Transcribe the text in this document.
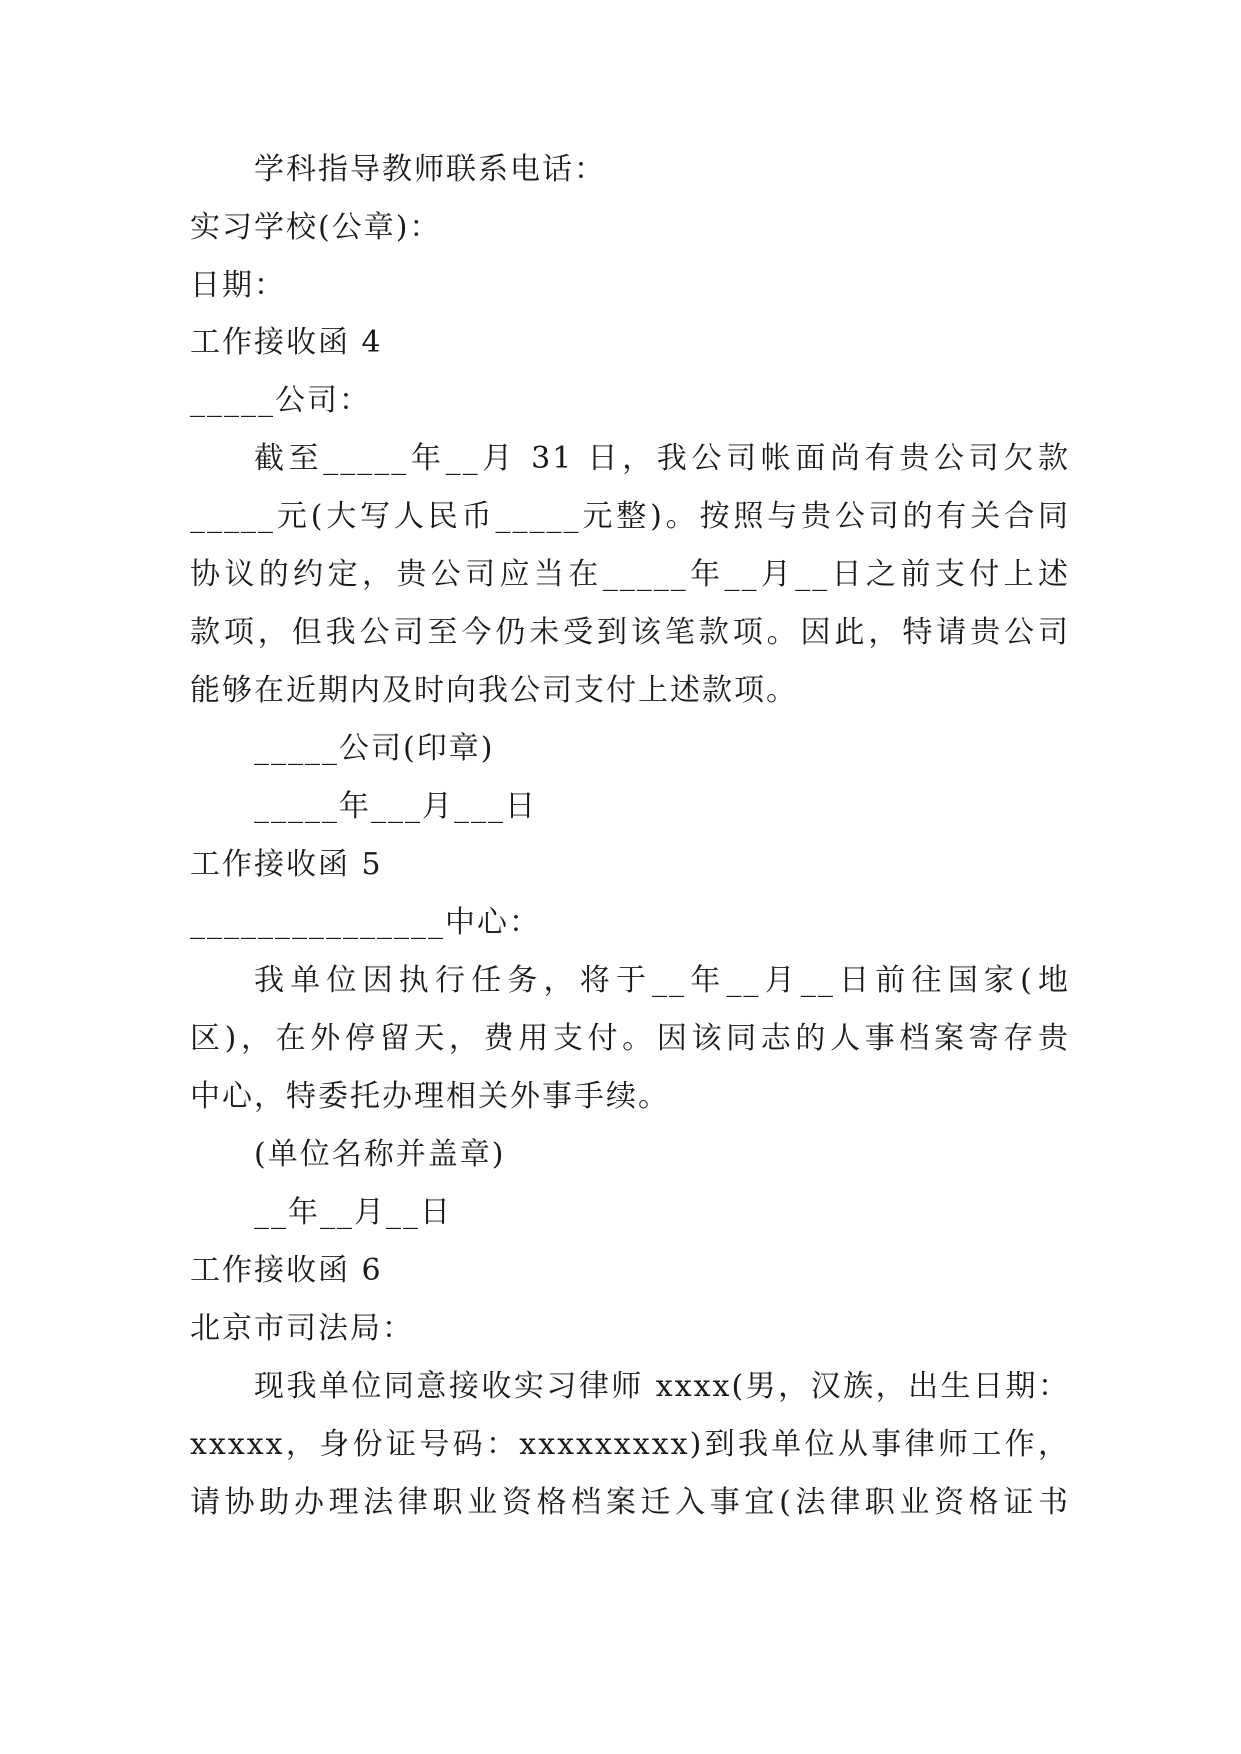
学科指导教师联系电话：
实习学校(公章)：
日期：
工作接收函 4
_____公司：
截至_____年__月 31 日，我公司帐面尚有贵公司欠款
_____元(大写人民币_____元整)。按照与贵公司的有关合同
协议的约定，贵公司应当在_____年__月__日之前支付上述
款项，但我公司至今仍未受到该笔款项。因此，特请贵公司
能够在近期内及时向我公司支付上述款项。
_____公司(印章)
_____年___月___日
工作接收函 5
_______________中心：
我单位因执行任务，将于__年__月__日前往国家(地
区)，在外停留天，费用支付。因该同志的人事档案寄存贵
中心，特委托办理相关外事手续。
(单位名称并盖章)
__年__月__日
工作接收函 6
北京市司法局：
现我单位同意接收实习律师 xxxx(男，汉族，出生日期：
xxxxx，身份证号码：xxxxxxxxx)到我单位从事律师工作，
请协助办理法律职业资格档案迁入事宜(法律职业资格证书
